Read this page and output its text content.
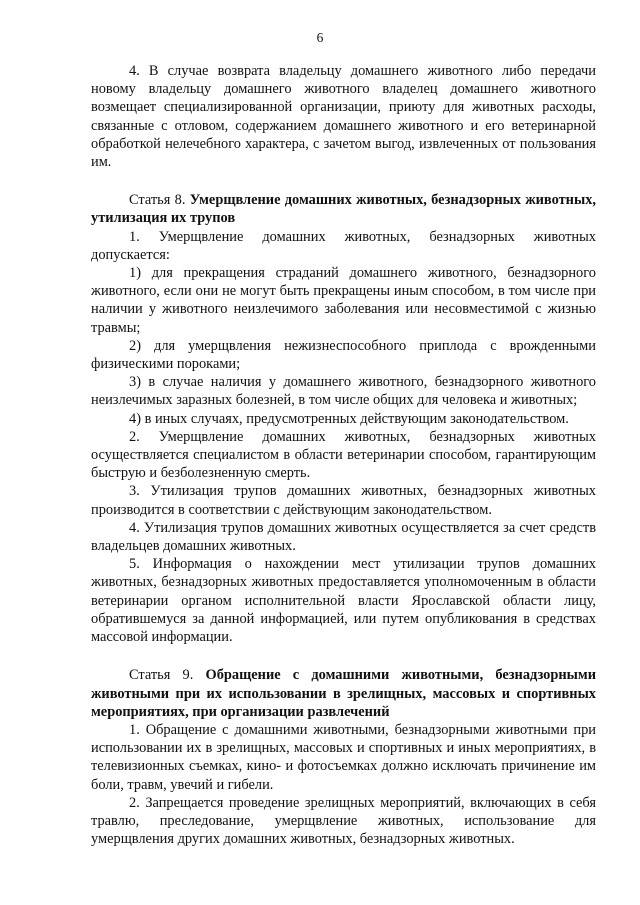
6

4. В случае возврата владельцу домашнего животного либо передачи новому владельцу домашнего животного владелец домашнего животного возмещает специализированной организации, приюту для животных расходы, связанные с отловом, содержанием домашнего животного и его ветеринарной обработкой нелечебного характера, с зачетом выгод, извлеченных от пользования им.

Статья 8. Умерщвление домашних животных, безнадзорных животных, утилизация их трупов

1. Умерщвление домашних животных, безнадзорных животных допускается:

1) для прекращения страданий домашнего животного, безнадзорного животного, если они не могут быть прекращены иным способом, в том числе при наличии у животного неизлечимого заболевания или несовместимой с жизнью травмы;

2) для умерщвления нежизнеспособного приплода с врожденными физическими пороками;

3) в случае наличия у домашнего животного, безнадзорного животного неизлечимых заразных болезней, в том числе общих для человека и животных;

4) в иных случаях, предусмотренных действующим законодательством.

2. Умерщвление домашних животных, безнадзорных животных осуществляется специалистом в области ветеринарии способом, гарантирующим быструю и безболезненную смерть.

3. Утилизация трупов домашних животных, безнадзорных животных производится в соответствии с действующим законодательством.

4. Утилизация трупов домашних животных осуществляется за счет средств владельцев домашних животных.

5. Информация о нахождении мест утилизации трупов домашних животных, безнадзорных животных предоставляется уполномоченным в области ветеринарии органом исполнительной власти Ярославской области лицу, обратившемуся за данной информацией, или путем опубликования в средствах массовой информации.

Статья 9. Обращение с домашними животными, безнадзорными животными при их использовании в зрелищных, массовых и спортивных мероприятиях, при организации развлечений

1. Обращение с домашними животными, безнадзорными животными при использовании их в зрелищных, массовых и спортивных и иных мероприятиях, в телевизионных съемках, кино- и фотосъемках должно исключать причинение им боли, травм, увечий и гибели.

2. Запрещается проведение зрелищных мероприятий, включающих в себя травлю, преследование, умерщвление животных, использование для умерщвления других домашних животных, безнадзорных животных.
